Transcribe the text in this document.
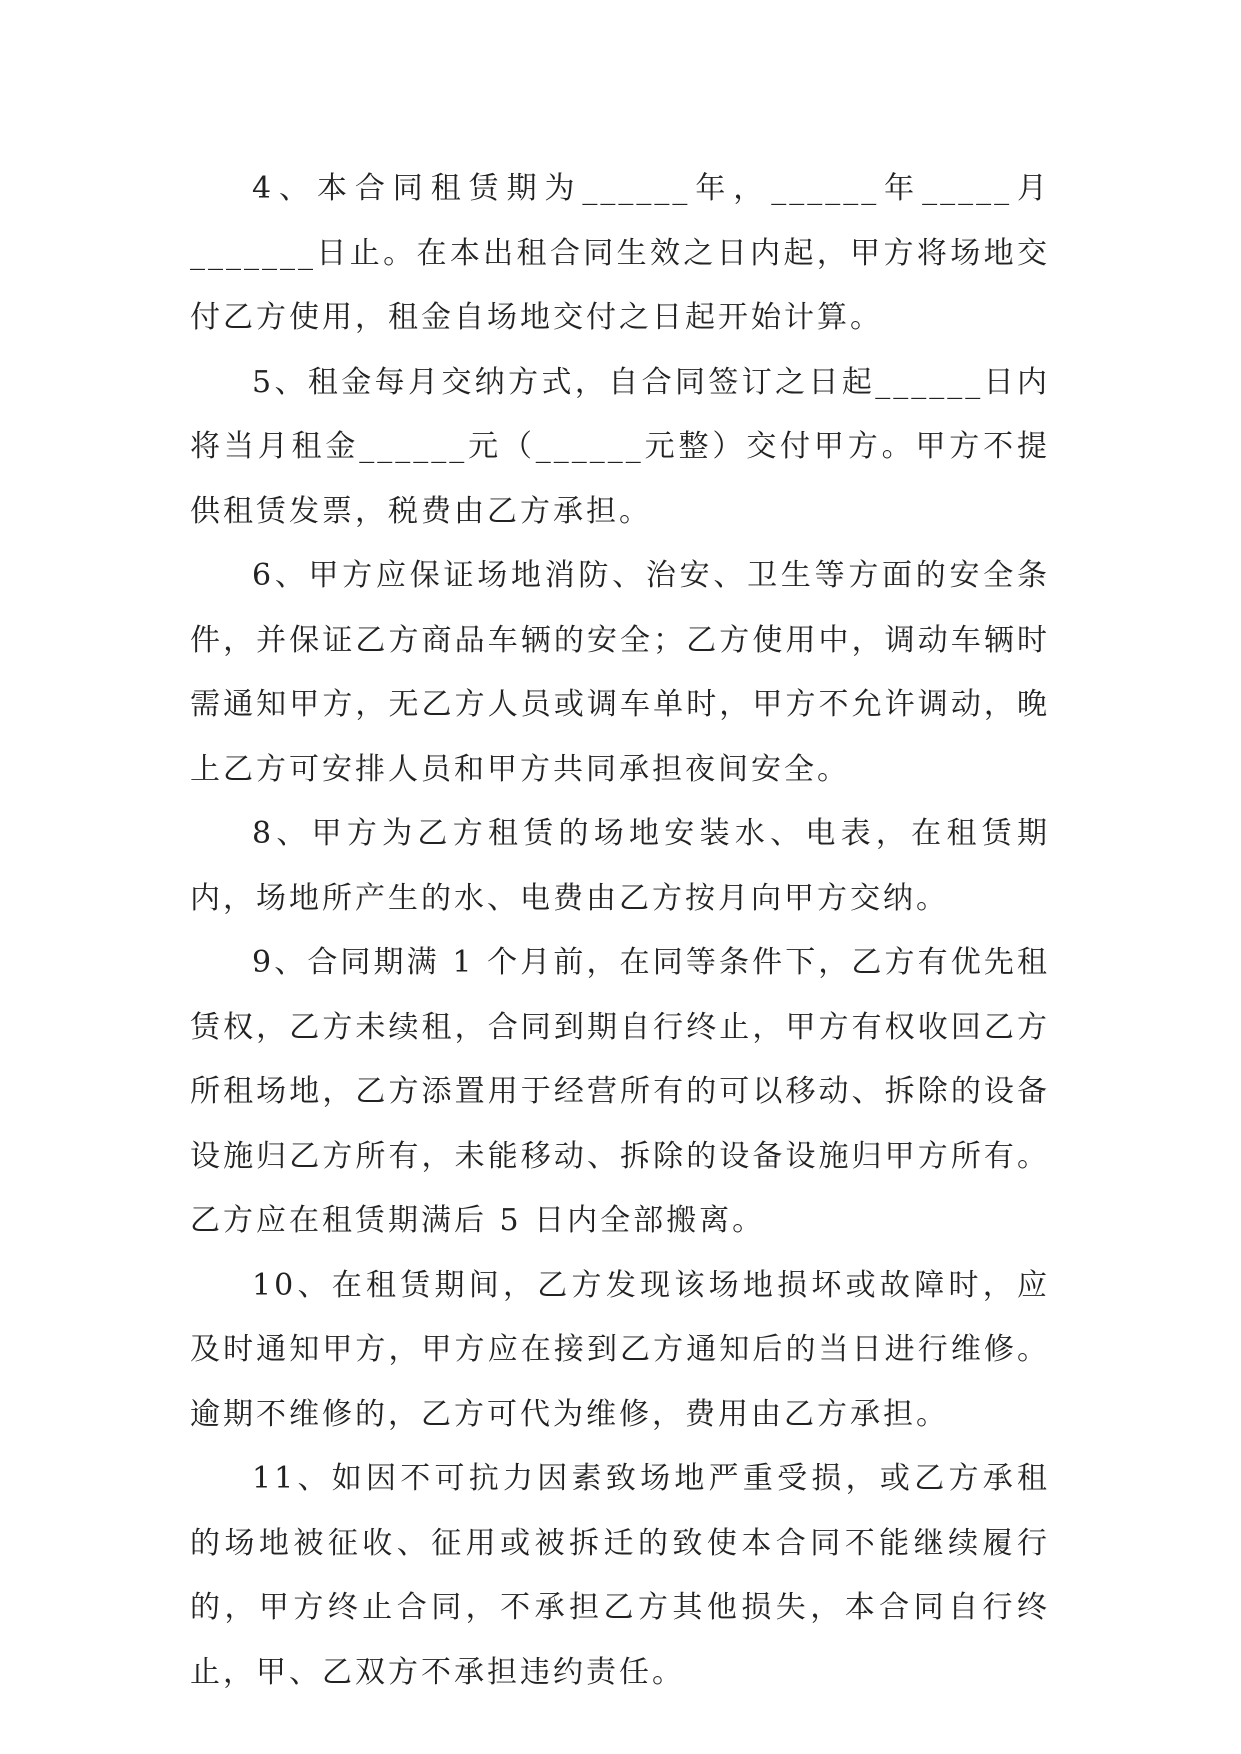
4、本合同租赁期为______年，______年_____月_______日止。在本出租合同生效之日内起，甲方将场地交付乙方使用，租金自场地交付之日起开始计算。

5、租金每月交纳方式，自合同签订之日起______日内将当月租金______元（______元整）交付甲方。甲方不提供租赁发票，税费由乙方承担。

6、甲方应保证场地消防、治安、卫生等方面的安全条件，并保证乙方商品车辆的安全；乙方使用中，调动车辆时需通知甲方，无乙方人员或调车单时，甲方不允许调动，晚上乙方可安排人员和甲方共同承担夜间安全。

8、甲方为乙方租赁的场地安装水、电表，在租赁期内，场地所产生的水、电费由乙方按月向甲方交纳。

9、合同期满 1 个月前，在同等条件下，乙方有优先租赁权，乙方未续租，合同到期自行终止，甲方有权收回乙方所租场地，乙方添置用于经营所有的可以移动、拆除的设备设施归乙方所有，未能移动、拆除的设备设施归甲方所有。乙方应在租赁期满后 5 日内全部搬离。

10、在租赁期间，乙方发现该场地损坏或故障时，应及时通知甲方，甲方应在接到乙方通知后的当日进行维修。逾期不维修的，乙方可代为维修，费用由乙方承担。

11、如因不可抗力因素致场地严重受损，或乙方承租的场地被征收、征用或被拆迁的致使本合同不能继续履行的，甲方终止合同，不承担乙方其他损失，本合同自行终止，甲、乙双方不承担违约责任。
